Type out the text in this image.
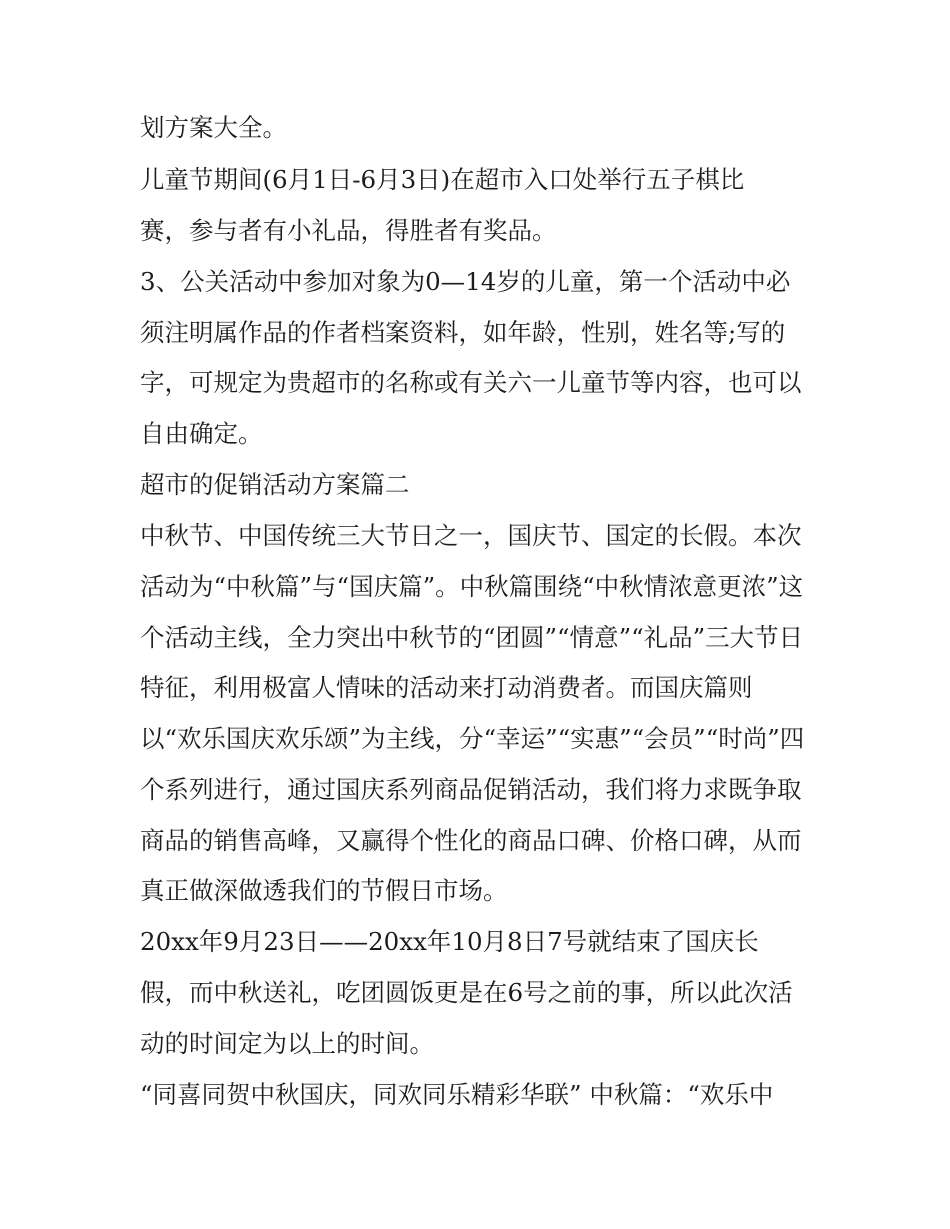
划方案大全。
儿童节期间(6月1日-6月3日)在超市入口处举行五子棋比
赛，参与者有小礼品，得胜者有奖品。
3、公关活动中参加对象为0—14岁的儿童，第一个活动中必
须注明属作品的作者档案资料，如年龄，性别，姓名等;写的
字，可规定为贵超市的名称或有关六一儿童节等内容，也可以
自由确定。
超市的促销活动方案篇二
中秋节、中国传统三大节日之一，国庆节、国定的长假。本次
活动为“中秋篇”与“国庆篇”。中秋篇围绕“中秋情浓意更浓”这
个活动主线，全力突出中秋节的“团圆”“情意”“礼品”三大节日
特征，利用极富人情味的活动来打动消费者。而国庆篇则
以“欢乐国庆欢乐颂”为主线，分“幸运”“实惠”“会员”“时尚”四
个系列进行，通过国庆系列商品促销活动，我们将力求既争取
商品的销售高峰，又赢得个性化的商品口碑、价格口碑，从而
真正做深做透我们的节假日市场。
20xx年9月23日——20xx年10月8日7号就结束了国庆长
假，而中秋送礼，吃团圆饭更是在6号之前的事，所以此次活
动的时间定为以上的时间。
“同喜同贺中秋国庆，同欢同乐精彩华联” 中秋篇：“欢乐中
